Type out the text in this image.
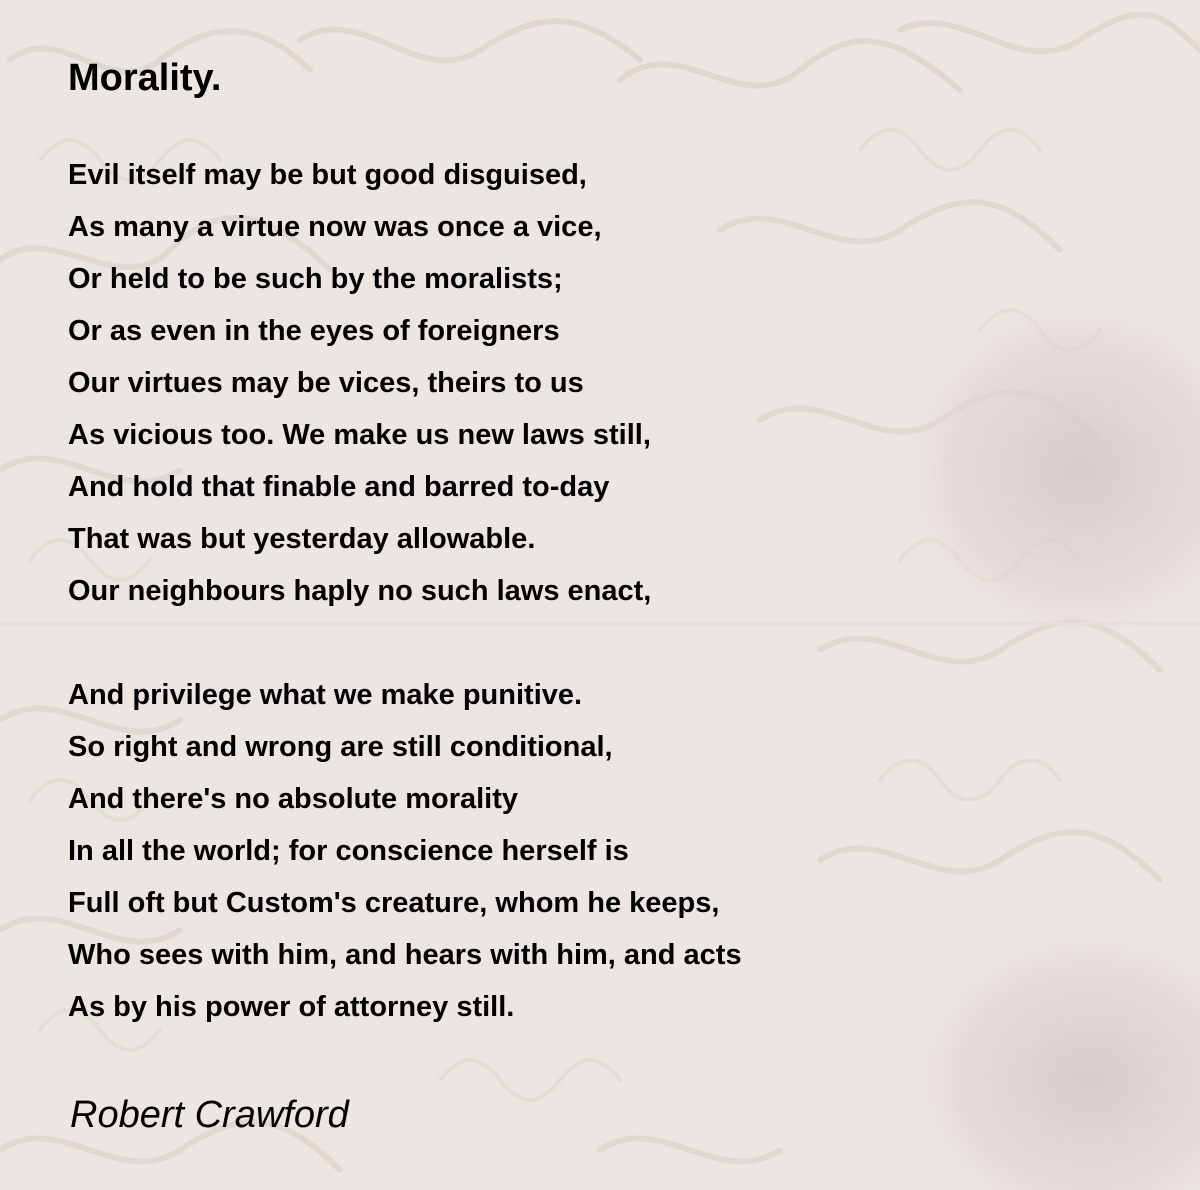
Morality.
Evil itself may be but good disguised,
As many a virtue now was once a vice,
Or held to be such by the moralists;
Or as even in the eyes of foreigners
Our virtues may be vices, theirs to us
As vicious too. We make us new laws still,
And hold that finable and barred to-day
That was but yesterday allowable.
Our neighbours haply no such laws enact,
And privilege what we make punitive.
So right and wrong are still conditional,
And there's no absolute morality
In all the world; for conscience herself is
Full oft but Custom's creature, whom he keeps,
Who sees with him, and hears with him, and acts
As by his power of attorney still.

Robert Crawford
